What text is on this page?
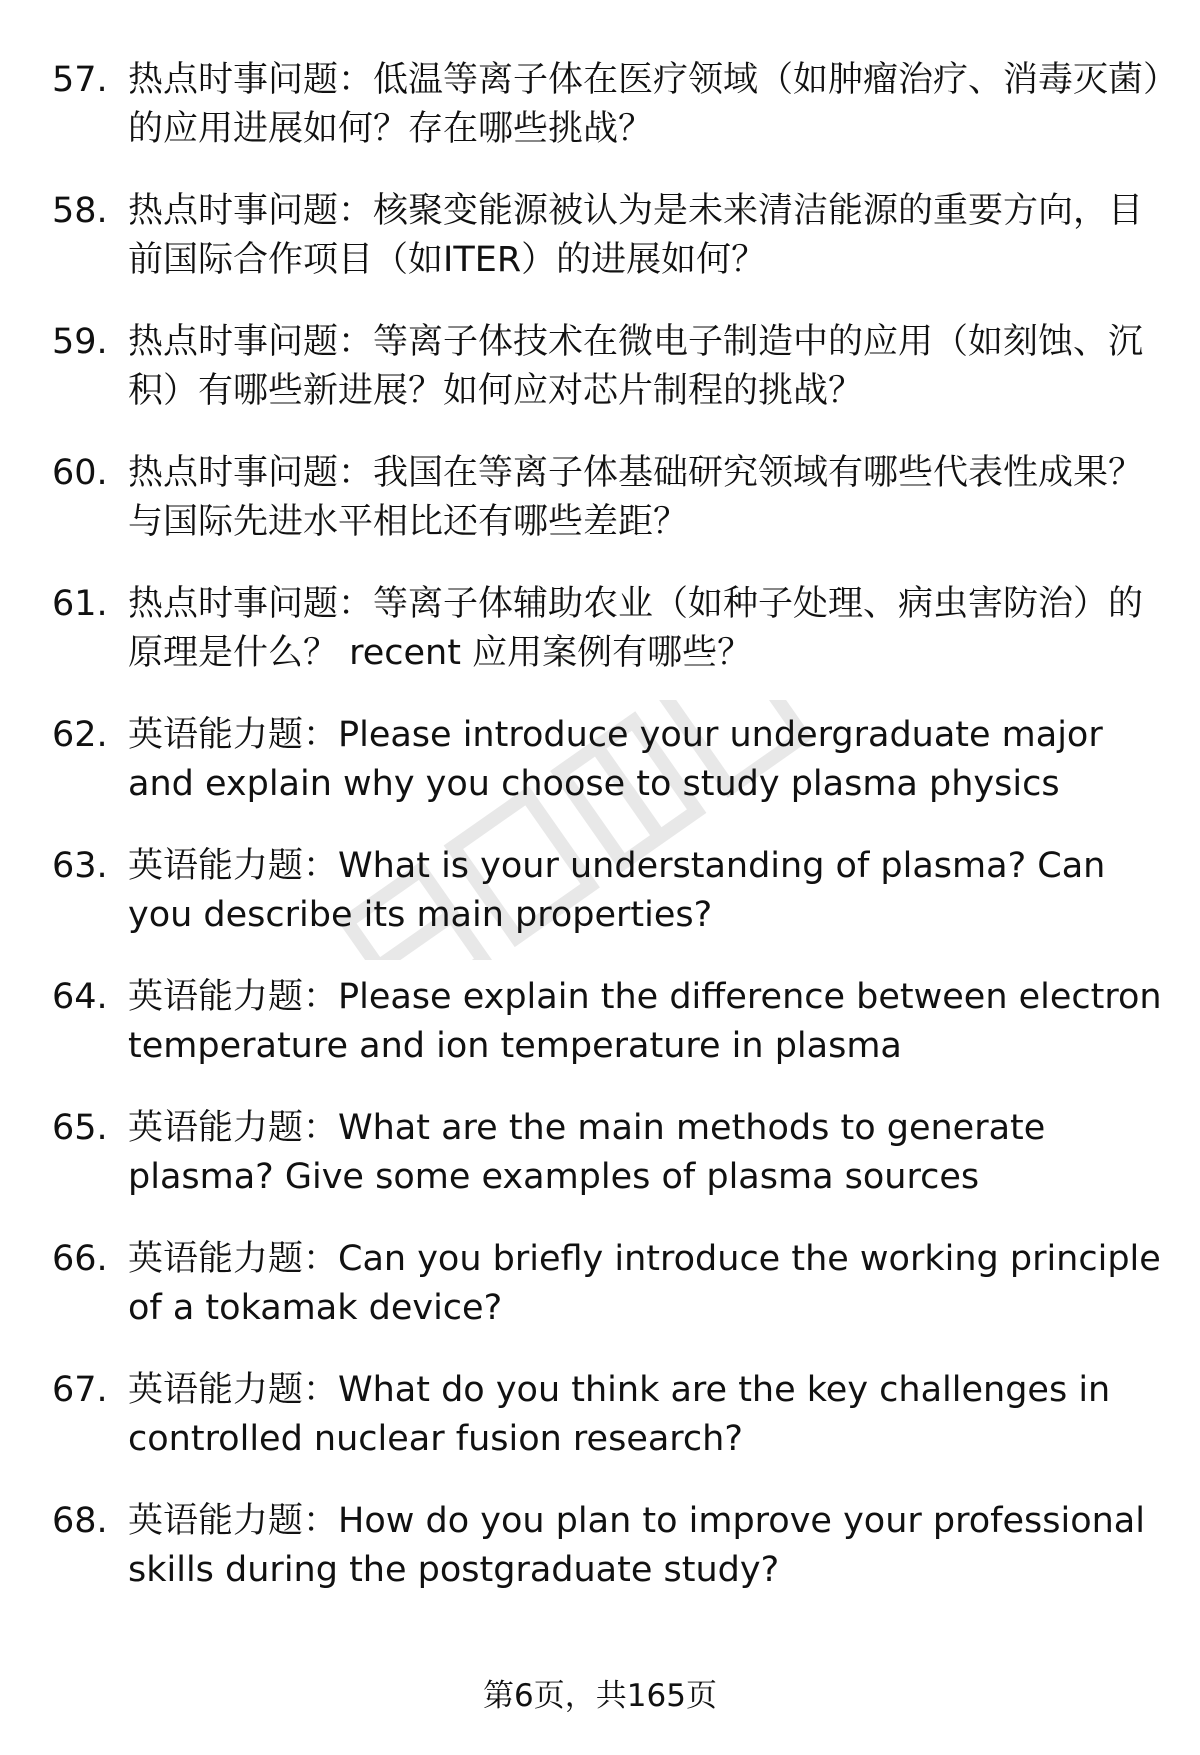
57. 热点时事问题：低温等离子体在医疗领域（如肿瘤治疗、消毒灭菌）的应用进展如何？存在哪些挑战？
58. 热点时事问题：核聚变能源被认为是未来清洁能源的重要方向，目前国际合作项目（如ITER）的进展如何？
59. 热点时事问题：等离子体技术在微电子制造中的应用（如刻蚀、沉积）有哪些新进展？如何应对芯片制程的挑战？
60. 热点时事问题：我国在等离子体基础研究领域有哪些代表性成果？与国际先进水平相比还有哪些差距？
61. 热点时事问题：等离子体辅助农业（如种子处理、病虫害防治）的原理是什么？ recent 应用案例有哪些？
62. 英语能力题：Please introduce your undergraduate major and explain why you choose to study plasma physics
63. 英语能力题：What is your understanding of plasma? Can you describe its main properties?
64. 英语能力题：Please explain the difference between electron temperature and ion temperature in plasma
65. 英语能力题：What are the main methods to generate plasma? Give some examples of plasma sources
66. 英语能力题：Can you briefly introduce the working principle of a tokamak device?
67. 英语能力题：What do you think are the key challenges in controlled nuclear fusion research?
68. 英语能力题：How do you plan to improve your professional skills during the postgraduate study?
第6页，共165页
